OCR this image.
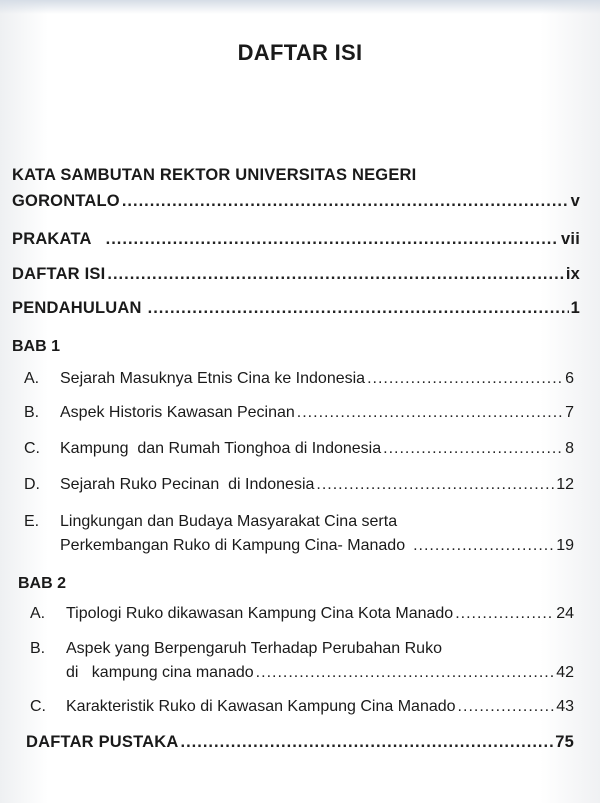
DAFTAR ISI
KATA SAMBUTAN REKTOR UNIVERSITAS NEGERI
GORONTALO .....	v
PRAKATA .....	vii
DAFTAR ISI .....	ix
PENDAHULUAN .....	1
BAB 1
A.	Sejarah Masuknya Etnis Cina ke Indonesia .....	6
B.	Aspek Historis Kawasan Pecinan .....	7
C.	Kampung  dan Rumah Tionghoa di Indonesia .....	8
D.	Sejarah Ruko Pecinan  di Indonesia .....	12
E.	Lingkungan dan Budaya Masyarakat Cina serta
Perkembangan Ruko di Kampung Cina- Manado .....	19
BAB 2
A.	Tipologi Ruko dikawasan Kampung Cina Kota Manado .....	24
B.	Aspek yang Berpengaruh Terhadap Perubahan Ruko
di   kampung cina manado .....	42
C.	Karakteristik Ruko di Kawasan Kampung Cina Manado .....	43
DAFTAR PUSTAKA .....	75
